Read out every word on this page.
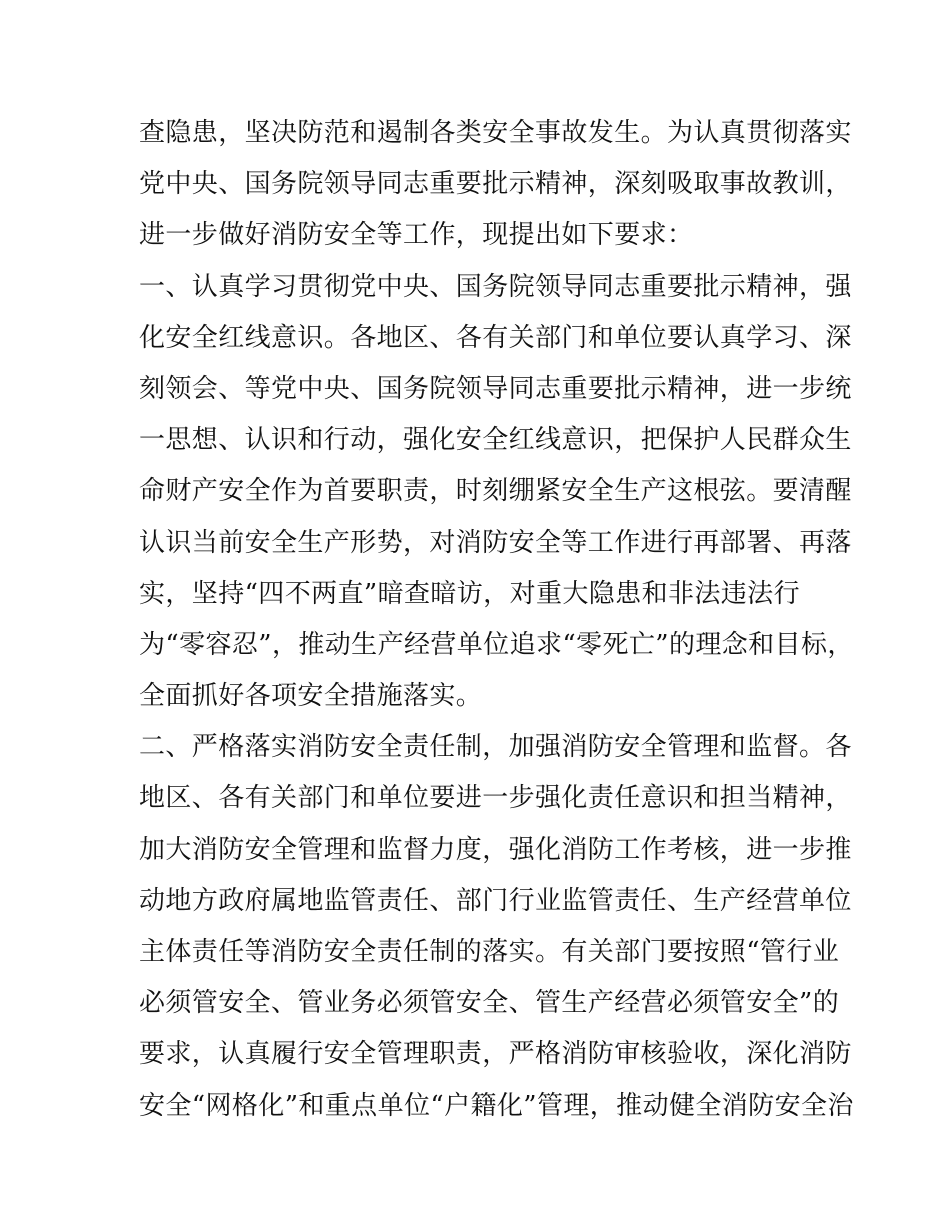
查隐患，坚决防范和遏制各类安全事故发生。为认真贯彻落实
党中央、国务院领导同志重要批示精神，深刻吸取事故教训，
进一步做好消防安全等工作，现提出如下要求：
一、认真学习贯彻党中央、国务院领导同志重要批示精神，强
化安全红线意识。各地区、各有关部门和单位要认真学习、深
刻领会、等党中央、国务院领导同志重要批示精神，进一步统
一思想、认识和行动，强化安全红线意识，把保护人民群众生
命财产安全作为首要职责，时刻绷紧安全生产这根弦。要清醒
认识当前安全生产形势，对消防安全等工作进行再部署、再落
实，坚持“四不两直”暗查暗访，对重大隐患和非法违法行
为“零容忍”，推动生产经营单位追求“零死亡”的理念和目标，
全面抓好各项安全措施落实。
二、严格落实消防安全责任制，加强消防安全管理和监督。各
地区、各有关部门和单位要进一步强化责任意识和担当精神，
加大消防安全管理和监督力度，强化消防工作考核，进一步推
动地方政府属地监管责任、部门行业监管责任、生产经营单位
主体责任等消防安全责任制的落实。有关部门要按照“管行业
必须管安全、管业务必须管安全、管生产经营必须管安全”的
要求，认真履行安全管理职责，严格消防审核验收，深化消防
安全“网格化”和重点单位“户籍化”管理，推动健全消防安全治
